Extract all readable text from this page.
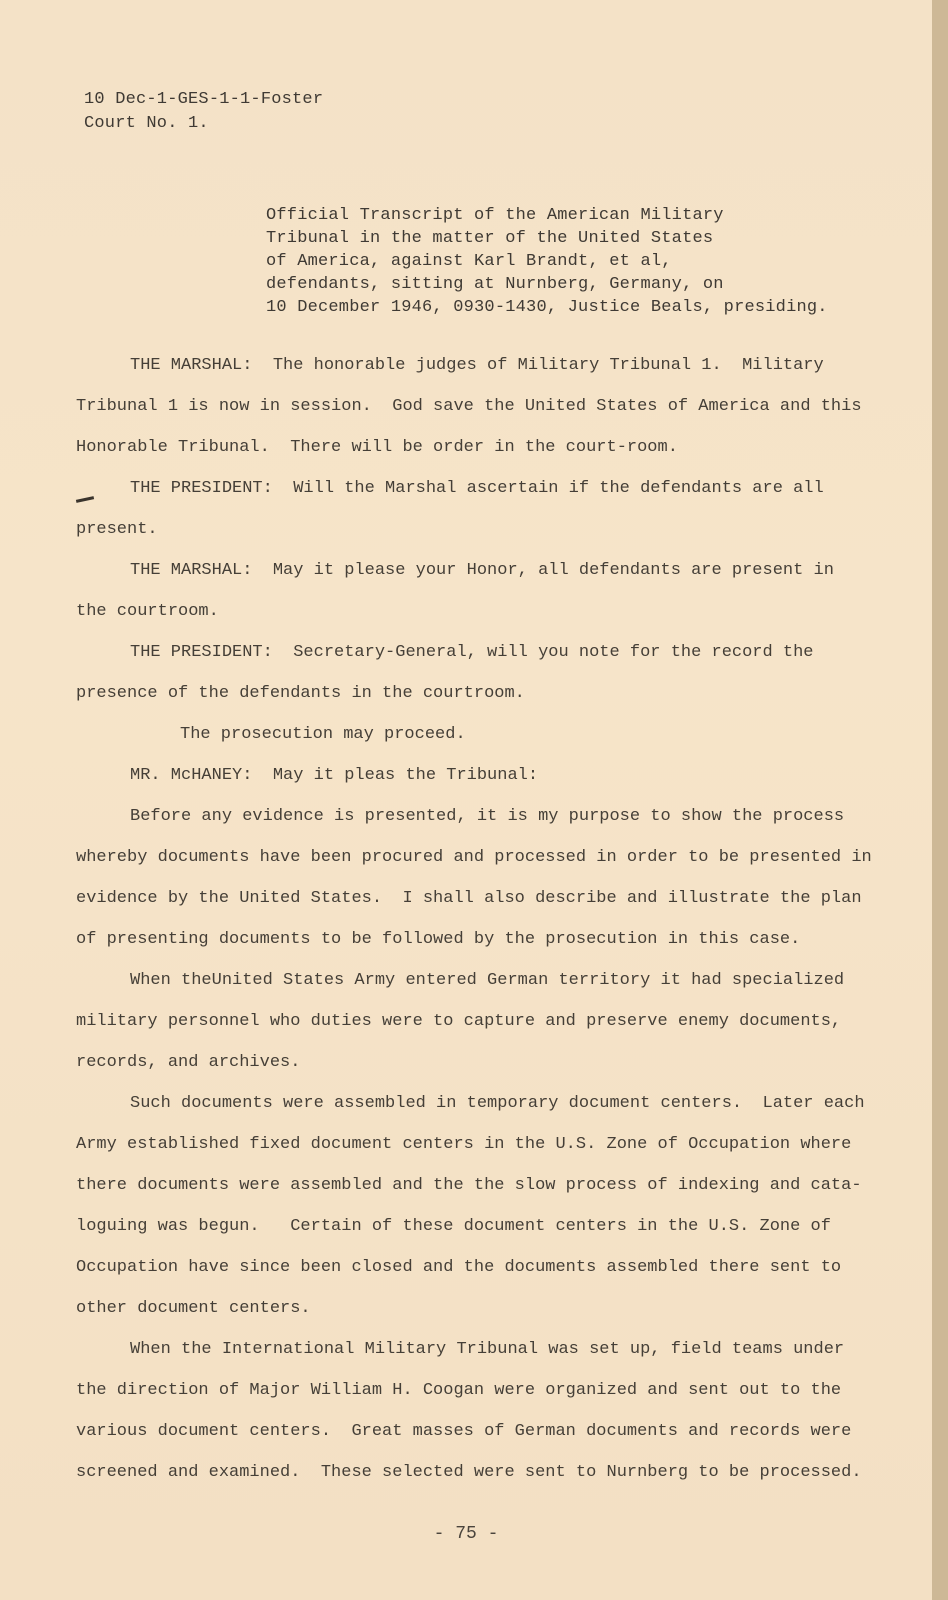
10 Dec-1-GES-1-1-Foster
Court No. 1.
Official Transcript of the American Military
Tribunal in the matter of the United States
of America, against Karl Brandt, et al,
defendants, sitting at Nurnberg, Germany, on
10 December 1946, 0930-1430, Justice Beals, presiding.
THE MARSHAL:  The honorable judges of Military Tribunal 1.  Military
Tribunal 1 is now in session.  God save the United States of America and this
Honorable Tribunal.  There will be order in the court-room.
THE PRESIDENT:  Will the Marshal ascertain if the defendants are all
present.
THE MARSHAL:  May it please your Honor, all defendants are present in
the courtroom.
THE PRESIDENT:  Secretary-General, will you note for the record the
presence of the defendants in the courtroom.
The prosecution may proceed.
MR. McHANEY:  May it pleas the Tribunal:
Before any evidence is presented, it is my purpose to show the process
whereby documents have been procured and processed in order to be presented in
evidence by the United States.  I shall also describe and illustrate the plan
of presenting documents to be followed by the prosecution in this case.
When theUnited States Army entered German territory it had specialized
military personnel who duties were to capture and preserve enemy documents,
records, and archives.
Such documents were assembled in temporary document centers.  Later each
Army established fixed document centers in the U.S. Zone of Occupation where
there documents were assembled and the the slow process of indexing and cata-
loguing was begun.   Certain of these document centers in the U.S. Zone of
Occupation have since been closed and the documents assembled there sent to
other document centers.
When the International Military Tribunal was set up, field teams under
the direction of Major William H. Coogan were organized and sent out to the
various document centers.  Great masses of German documents and records were
screened and examined.  These selected were sent to Nurnberg to be processed.
- 75 -
